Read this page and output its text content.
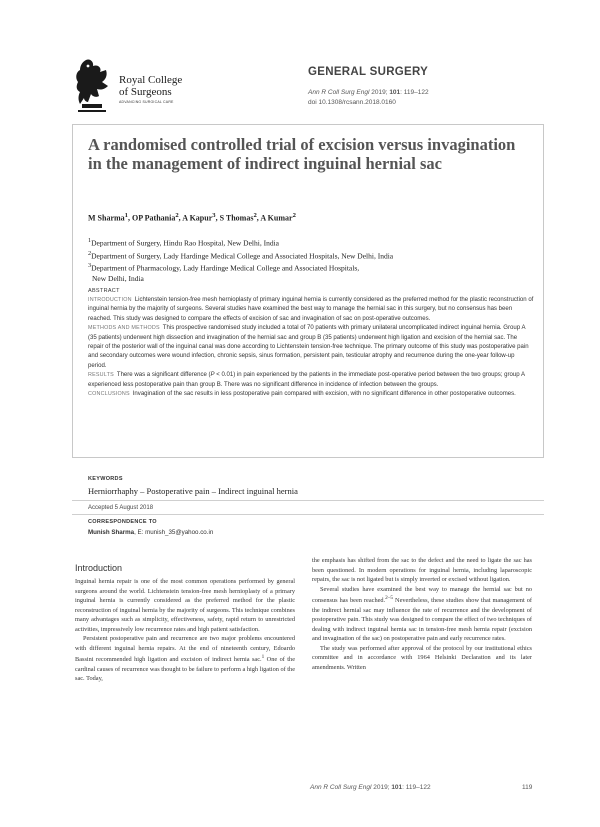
Royal College
of Surgeons
ADVANCING SURGICAL CARE
GENERAL SURGERY
Ann R Coll Surg Engl 2019; 101: 119–122
doi 10.1308/rcsann.2018.0160
A randomised controlled trial of excision versus invagination in the management of indirect inguinal hernial sac
M Sharma$^1$, OP Pathania$^2$, A Kapur$^3$, S Thomas$^2$, A Kumar$^2$
$^1$Department of Surgery, Hindu Rao Hospital, New Delhi, India
$^2$Department of Surgery, Lady Hardinge Medical College and Associated Hospitals, New Delhi, India
$^3$Department of Pharmacology, Lady Hardinge Medical College and Associated Hospitals,
New Delhi, India
ABSTRACT
INTRODUCTION Lichtenstein tension-free mesh hernioplasty of primary inguinal hernia is currently considered as the preferred method for the plastic reconstruction of inguinal hernia by the majority of surgeons. Several studies have examined the best way to manage the hernial sac in this surgery, but no consensus has been reached. This study was designed to compare the effects of excision of sac and invagination of sac on post-operative outcomes.
METHODS AND METHODS This prospective randomised study included a total of 70 patients with primary unilateral uncomplicated indirect inguinal hernia. Group A (35 patients) underwent high dissection and invagination of the hernial sac and group B (35 patients) underwent high ligation and excision of the hernial sac. The repair of the posterior wall of the inguinal canal was done according to Lichtenstein tension-free technique. The primary outcome of this study was postoperative pain and secondary outcomes were wound infection, chronic sepsis, sinus formation, persistent pain, testicular atrophy and recurrence during the one-year follow-up period.
RESULTS There was a significant difference (P < 0.01) in pain experienced by the patients in the immediate post-operative period between the two groups; group A experienced less postoperative pain than group B. There was no significant difference in incidence of infection between the groups.
CONCLUSIONS Invagination of the sac results in less postoperative pain compared with excision, with no significant difference in other postoperative outcomes.
KEYWORDS
Herniorrhaphy – Postoperative pain – Indirect inguinal hernia
Accepted 5 August 2018
CORRESPONDENCE TO
Munish Sharma, E: munish_35@yahoo.co.in
Introduction

Inguinal hernia repair is one of the most common operations performed by general surgeons around the world. Lichtenstein tension-free mesh hernioplasty of a primary inguinal hernia is currently considered as the preferred method for the plastic reconstruction of inguinal hernia by the majority of surgeons. This technique combines many advantages such as simplicity, effectiveness, safety, rapid return to unrestricted activities, impressively low recurrence rates and high patient satisfaction.

Persistent postoperative pain and recurrence are two major problems encountered with different inguinal hernia repairs. At the end of nineteenth century, Edoardo Bassini recommended high ligation and excision of indirect hernia sac.$^1$ One of the cardinal causes of recurrence was thought to be failure to perform a high ligation of the sac. Today,

the emphasis has shifted from the sac to the defect and the need to ligate the sac has been questioned. In modern operations for inguinal hernia, including laparoscopic repairs, the sac is not ligated but is simply inverted or excised without ligation.

Several studies have examined the best way to manage the hernial sac but no consensus has been reached.$^{2-5}$ Nevertheless, these studies show that management of the indirect hernial sac may influence the rate of recurrence and the development of postoperative pain. This study was designed to compare the effect of two techniques of dealing with indirect inguinal hernia sac in tension-free mesh hernia repair (excision and invagination of the sac) on postoperative pain and early recurrence rates.

The study was performed after approval of the protocol by our institutional ethics committee and in accordance with 1964 Helsinki Declaration and its later amendments. Written

Ann R Coll Surg Engl 2019; 101: 119–122	119
